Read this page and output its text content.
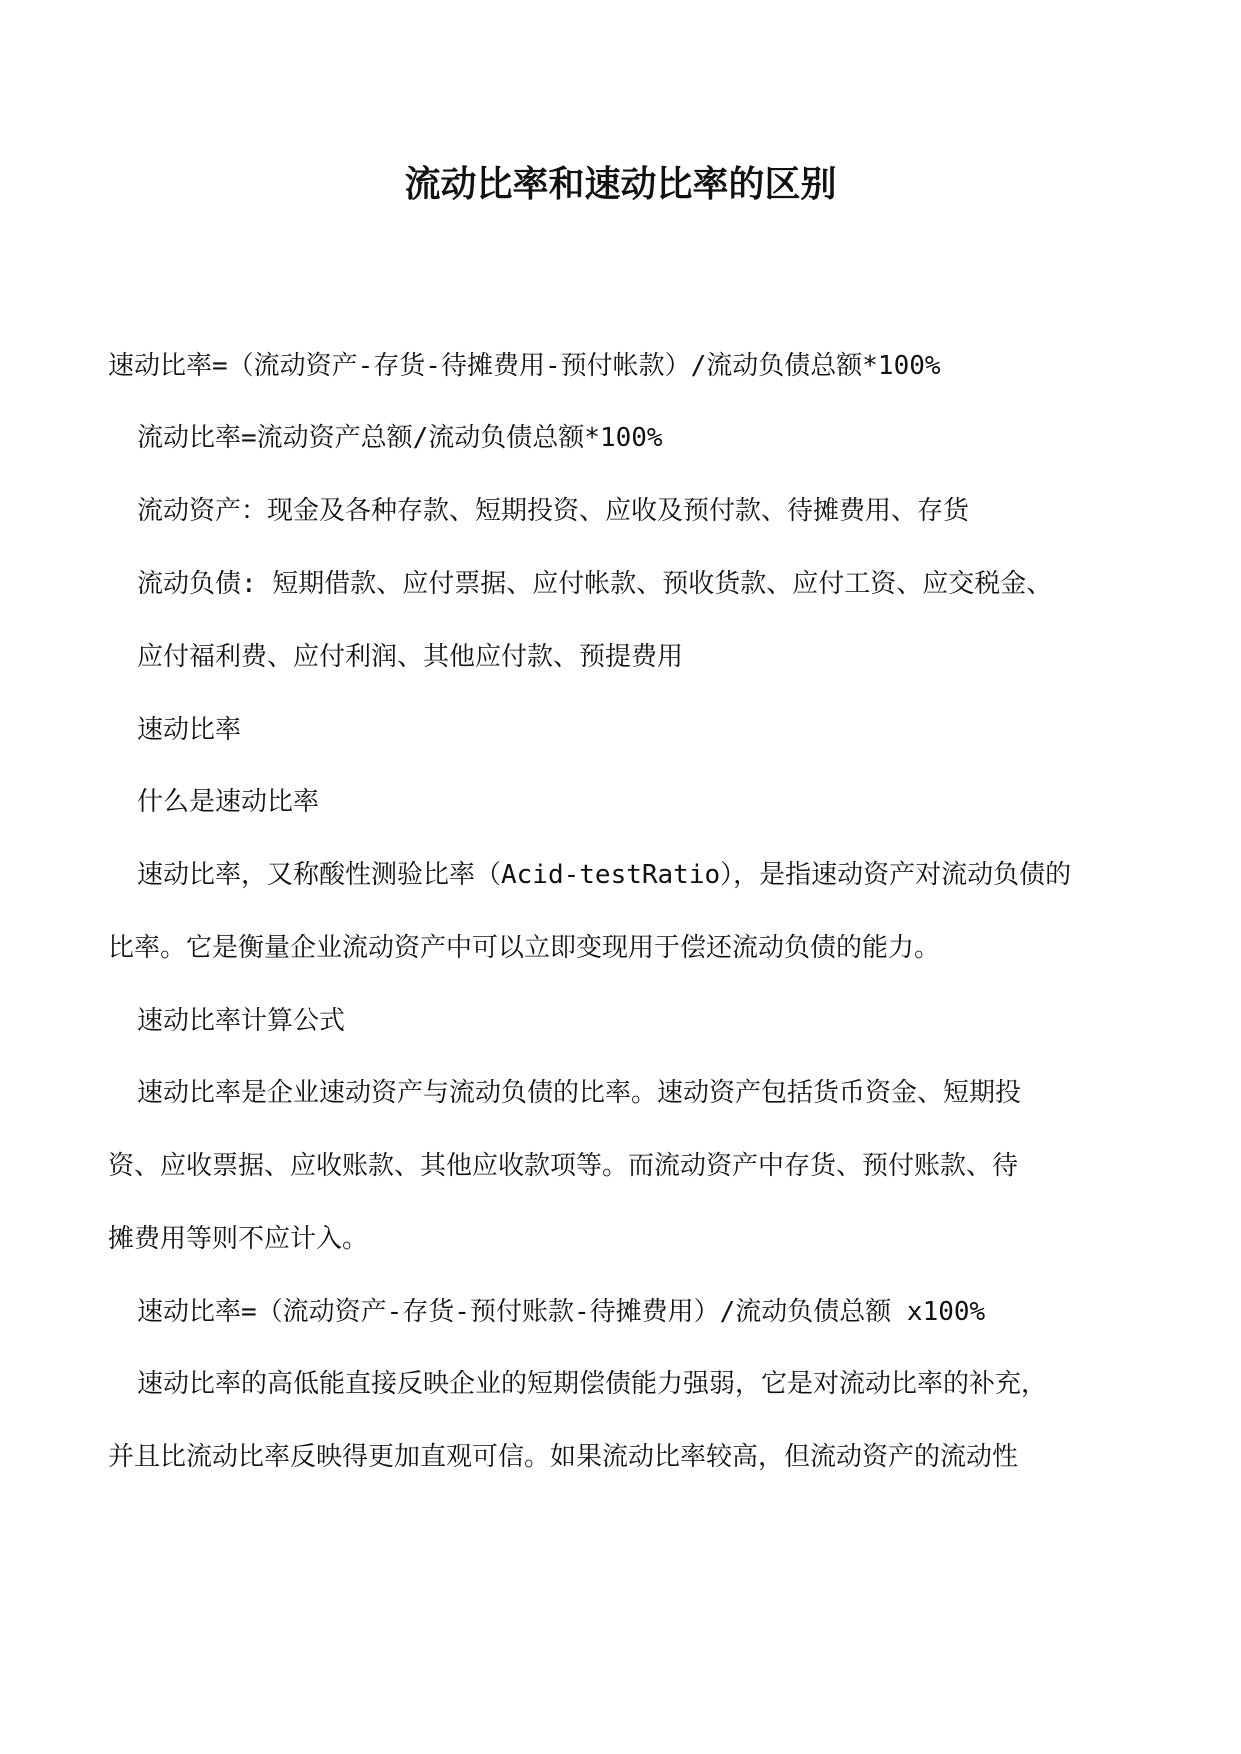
流动比率和速动比率的区别
速动比率=（流动资产-存货-待摊费用-预付帐款）/流动负债总额*100%
流动比率=流动资产总额/流动负债总额*100%
流动资产：现金及各种存款、短期投资、应收及预付款、待摊费用、存货
流动负债: 短期借款、应付票据、应付帐款、预收货款、应付工资、应交税金、
应付福利费、应付利润、其他应付款、预提费用
速动比率
什么是速动比率
速动比率，又称酸性测验比率（Acid-testRatio），是指速动资产对流动负债的
比率。它是衡量企业流动资产中可以立即变现用于偿还流动负债的能力。
速动比率计算公式
速动比率是企业速动资产与流动负债的比率。速动资产包括货币资金、短期投
资、应收票据、应收账款、其他应收款项等。而流动资产中存货、预付账款、待
摊费用等则不应计入。
速动比率=（流动资产-存货-预付账款-待摊费用）/流动负债总额 x100%
速动比率的高低能直接反映企业的短期偿债能力强弱，它是对流动比率的补充，
并且比流动比率反映得更加直观可信。如果流动比率较高，但流动资产的流动性
